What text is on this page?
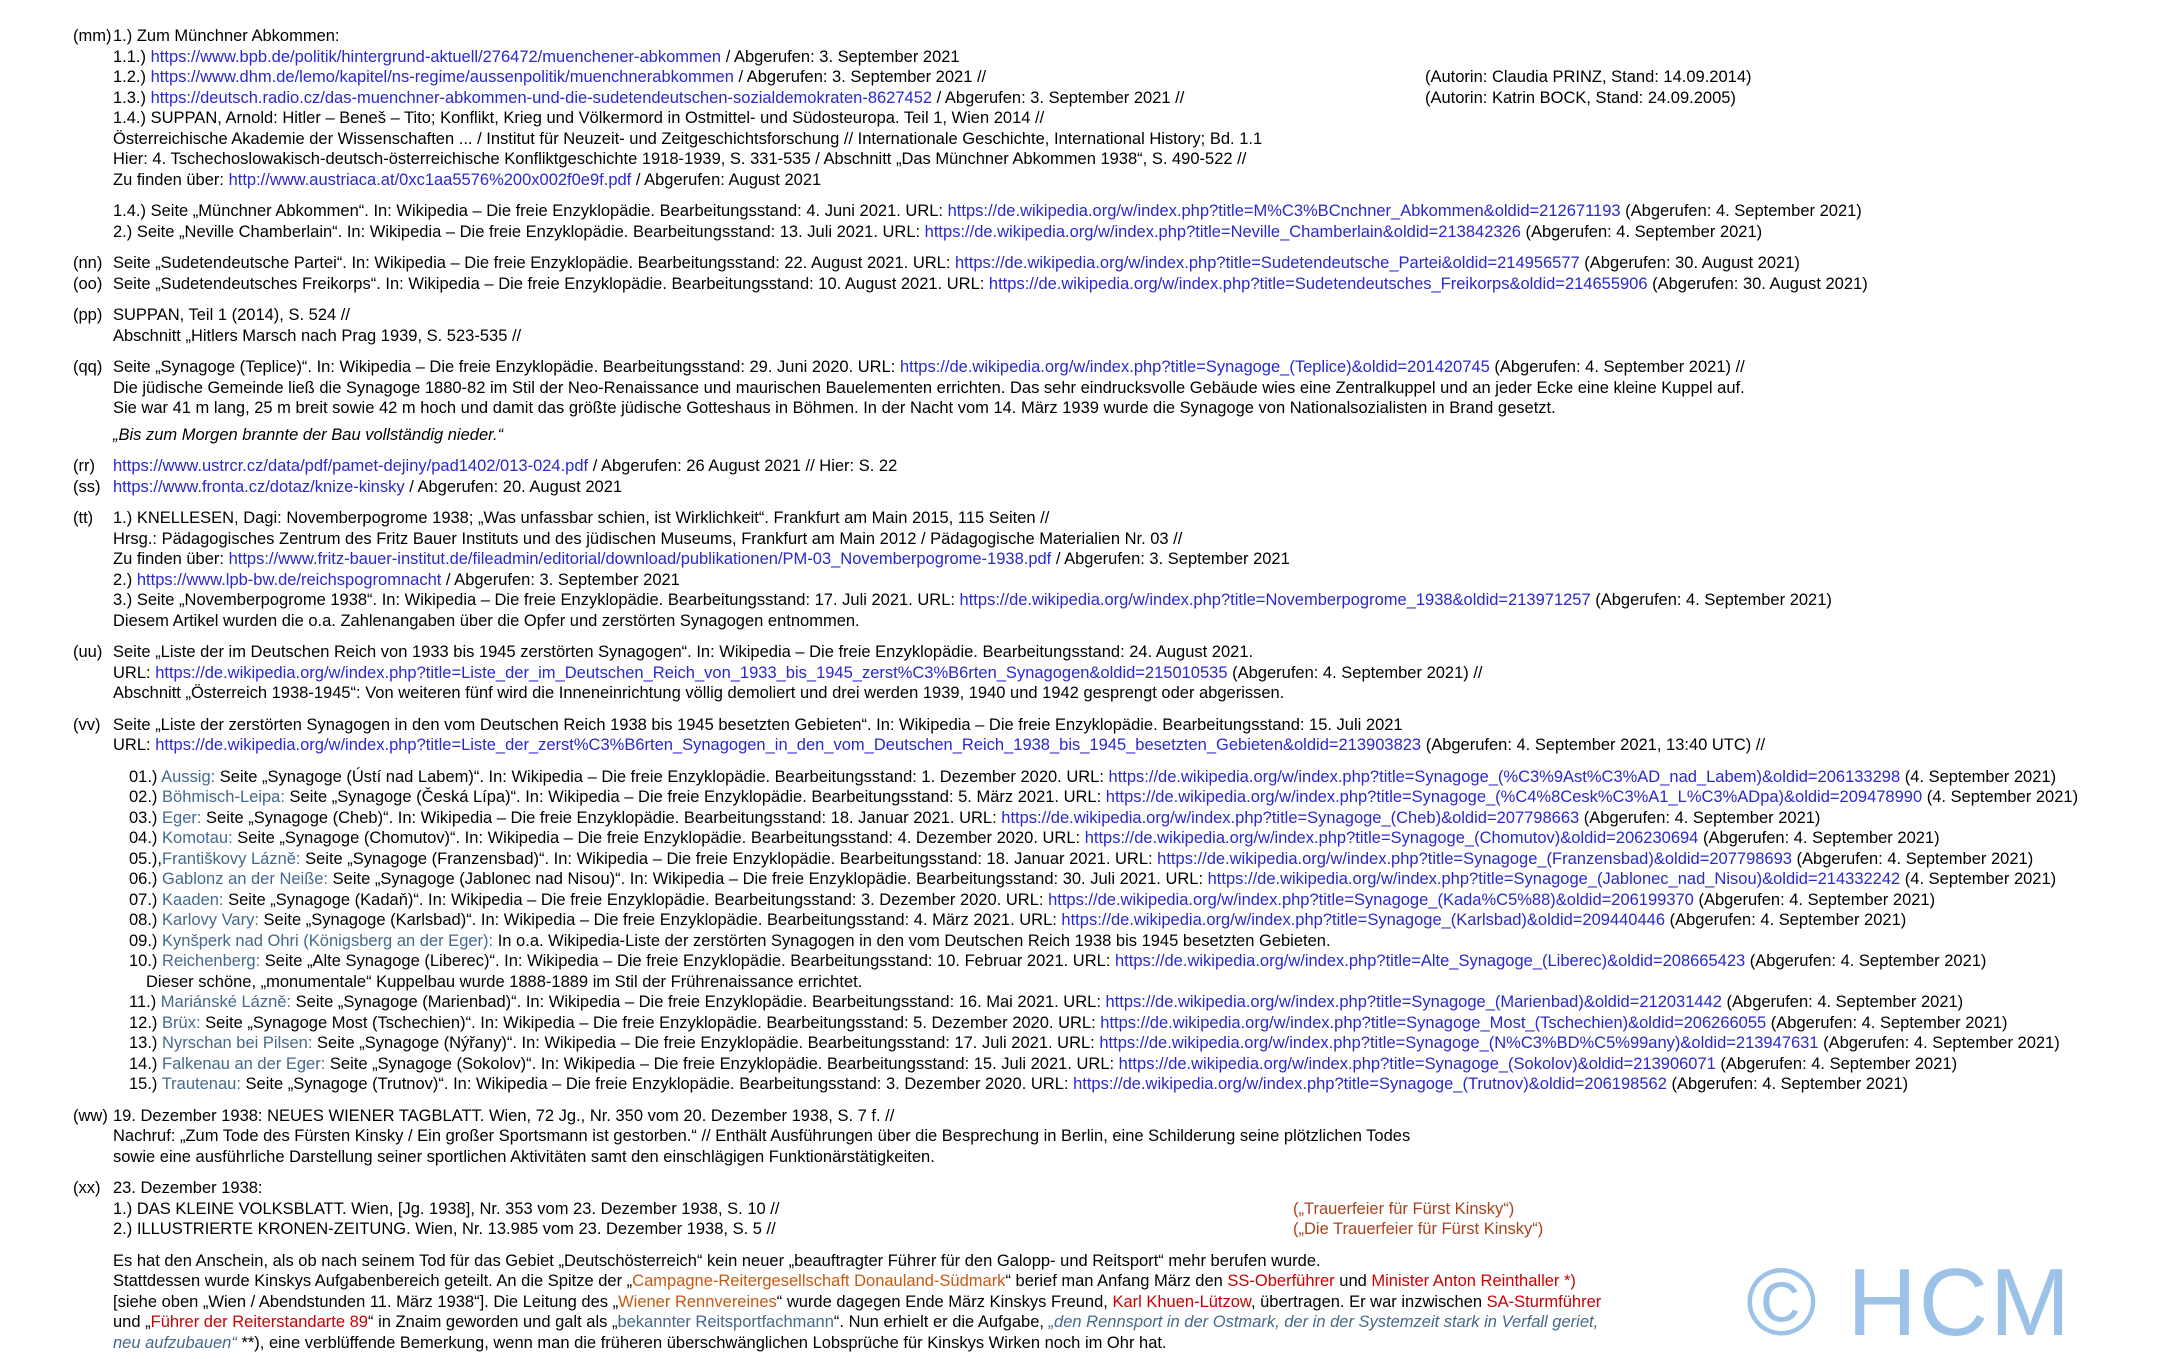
(mm) 1.) Zum Münchner Abkommen:
1.1.) https://www.bpb.de/politik/hintergrund-aktuell/276472/muenchener-abkommen / Abgerufen: 3. September 2021
1.2.) https://www.dhm.de/lemo/kapitel/ns-regime/aussenpolitik/muenchnerabkommen / Abgerufen: 3. September 2021 //	(Autorin: Claudia PRINZ, Stand: 14.09.2014)
1.3.) https://deutsch.radio.cz/das-muenchner-abkommen-und-die-sudetendeutschen-sozialdemokraten-8627452 / Abgerufen: 3. September 2021 //	(Autorin: Katrin BOCK, Stand: 24.09.2005)
1.4.) SUPPAN, Arnold: Hitler – Beneš – Tito; Konflikt, Krieg und Völkermord in Ostmittel- und Südosteuropa. Teil 1, Wien 2014 //
Österreichische Akademie der Wissenschaften ... / Institut für Neuzeit- und Zeitgeschichtsforschung // Internationale Geschichte, International History; Bd. 1.1
Hier: 4. Tschechoslowakisch-deutsch-österreichische Konfliktgeschichte 1918-1939, S. 331-535 / Abschnitt „Das Münchner Abkommen 1938“, S. 490-522 //
Zu finden über: http://www.austriaca.at/0xc1aa5576%200x002f0e9f.pdf / Abgerufen: August 2021
1.4.) Seite „Münchner Abkommen“. In: Wikipedia – Die freie Enzyklopädie. Bearbeitungsstand: 4. Juni 2021. URL: https://de.wikipedia.org/w/index.php?title=M%C3%BCnchner_Abkommen&oldid=212671193 (Abgerufen: 4. September 2021)
2.) Seite „Neville Chamberlain“. In: Wikipedia – Die freie Enzyklopädie. Bearbeitungsstand: 13. Juli 2021. URL: https://de.wikipedia.org/w/index.php?title=Neville_Chamberlain&oldid=213842326 (Abgerufen: 4. September 2021)
(nn) Seite „Sudetendeutsche Partei“. In: Wikipedia – Die freie Enzyklopädie. Bearbeitungsstand: 22. August 2021. URL: https://de.wikipedia.org/w/index.php?title=Sudetendeutsche_Partei&oldid=214956577 (Abgerufen: 30. August 2021)
(oo) Seite „Sudetendeutsches Freikorps“. In: Wikipedia – Die freie Enzyklopädie. Bearbeitungsstand: 10. August 2021. URL: https://de.wikipedia.org/w/index.php?title=Sudetendeutsches_Freikorps&oldid=214655906 (Abgerufen: 30. August 2021)
(pp) SUPPAN, Teil 1 (2014), S. 524 //
Abschnitt „Hitlers Marsch nach Prag 1939, S. 523-535 //
(qq) Seite „Synagoge (Teplice)“. In: Wikipedia – Die freie Enzyklopädie. Bearbeitungsstand: 29. Juni 2020. URL: https://de.wikipedia.org/w/index.php?title=Synagoge_(Teplice)&oldid=201420745 (Abgerufen: 4. September 2021) //
Die jüdische Gemeinde ließ die Synagoge 1880-82 im Stil der Neo-Renaissance und maurischen Bauelementen errichten. Das sehr eindrucksvolle Gebäude wies eine Zentralkuppel und an jeder Ecke eine kleine Kuppel auf.
Sie war 41 m lang, 25 m breit sowie 42 m hoch und damit das größte jüdische Gotteshaus in Böhmen. In der Nacht vom 14. März 1939 wurde die Synagoge von Nationalsozialisten in Brand gesetzt.
„Bis zum Morgen brannte der Bau vollständig nieder.“
(rr)	https://www.ustrcr.cz/data/pdf/pamet-dejiny/pad1402/013-024.pdf / Abgerufen: 26 August 2021 // Hier: S. 22
(ss) https://www.fronta.cz/dotaz/knize-kinsky / Abgerufen: 20. August 2021
(tt)	1.) KNELLESEN, Dagi: Novemberpogrome 1938; „Was unfassbar schien, ist Wirklichkeit“. Frankfurt am Main 2015, 115 Seiten //
Hrsg.: Pädagogisches Zentrum des Fritz Bauer Instituts und des jüdischen Museums, Frankfurt am Main 2012 / Pädagogische Materialien Nr. 03 //
Zu finden über: https://www.fritz-bauer-institut.de/fileadmin/editorial/download/publikationen/PM-03_Novemberpogrome-1938.pdf / Abgerufen: 3. September 2021
2.) https://www.lpb-bw.de/reichspogromnacht / Abgerufen: 3. September 2021
3.) Seite „Novemberpogrome 1938“. In: Wikipedia – Die freie Enzyklopädie. Bearbeitungsstand: 17. Juli 2021. URL: https://de.wikipedia.org/w/index.php?title=Novemberpogrome_1938&oldid=213971257 (Abgerufen: 4. September 2021)
Diesem Artikel wurden die o.a. Zahlenangaben über die Opfer und zerstörten Synagogen entnommen.
(uu) Seite „Liste der im Deutschen Reich von 1933 bis 1945 zerstörten Synagogen“. In: Wikipedia – Die freie Enzyklopädie. Bearbeitungsstand: 24. August 2021.
URL: https://de.wikipedia.org/w/index.php?title=Liste_der_im_Deutschen_Reich_von_1933_bis_1945_zerst%C3%B6rten_Synagogen&oldid=215010535 (Abgerufen: 4. September 2021) //
Abschnitt „Österreich 1938-1945“: Von weiteren fünf wird die Inneneinrichtung völlig demoliert und drei werden 1939, 1940 und 1942 gesprengt oder abgerissen.
(vv) Seite „Liste der zerstörten Synagogen in den vom Deutschen Reich 1938 bis 1945 besetzten Gebieten“. In: Wikipedia – Die freie Enzyklopädie. Bearbeitungsstand: 15. Juli 2021
URL: https://de.wikipedia.org/w/index.php?title=Liste_der_zerst%C3%B6rten_Synagogen_in_den_vom_Deutschen_Reich_1938_bis_1945_besetzten_Gebieten&oldid=213903823 (Abgerufen: 4. September 2021, 13:40 UTC) //
01.) Aussig: Seite „Synagoge (Ústí nad Labem)“. In: Wikipedia – Die freie Enzyklopädie. Bearbeitungsstand: 1. Dezember 2020. URL: https://de.wikipedia.org/w/index.php?title=Synagoge_(%C3%9Ast%C3%AD_nad_Labem)&oldid=206133298 (4. September 2021)
02.) Böhmisch-Leipa: Seite „Synagoge (Česká Lípa)“. In: Wikipedia – Die freie Enzyklopädie. Bearbeitungsstand: 5. März 2021. URL: https://de.wikipedia.org/w/index.php?title=Synagoge_(%C4%8Cesk%C3%A1_L%C3%ADpa)&oldid=209478990 (4. September 2021)
03.) Eger: Seite „Synagoge (Cheb)“. In: Wikipedia – Die freie Enzyklopädie. Bearbeitungsstand: 18. Januar 2021. URL: https://de.wikipedia.org/w/index.php?title=Synagoge_(Cheb)&oldid=207798663 (Abgerufen: 4. September 2021)
04.) Komotau: Seite „Synagoge (Chomutov)“. In: Wikipedia – Die freie Enzyklopädie. Bearbeitungsstand: 4. Dezember 2020. URL: https://de.wikipedia.org/w/index.php?title=Synagoge_(Chomutov)&oldid=206230694 (Abgerufen: 4. September 2021)
05.),Františkovy Lázně: Seite „Synagoge (Franzensbad)“. In: Wikipedia – Die freie Enzyklopädie. Bearbeitungsstand: 18. Januar 2021. URL: https://de.wikipedia.org/w/index.php?title=Synagoge_(Franzensbad)&oldid=207798693 (Abgerufen: 4. September 2021)
06.) Gablonz an der Neiße: Seite „Synagoge (Jablonec nad Nisou)“. In: Wikipedia – Die freie Enzyklopädie. Bearbeitungsstand: 30. Juli 2021. URL: https://de.wikipedia.org/w/index.php?title=Synagoge_(Jablonec_nad_Nisou)&oldid=214332242 (4. September 2021)
07.) Kaaden: Seite „Synagoge (Kadaň)“. In: Wikipedia – Die freie Enzyklopädie. Bearbeitungsstand: 3. Dezember 2020. URL: https://de.wikipedia.org/w/index.php?title=Synagoge_(Kada%C5%88)&oldid=206199370 (Abgerufen: 4. September 2021)
08.) Karlovy Vary: Seite „Synagoge (Karlsbad)“. In: Wikipedia – Die freie Enzyklopädie. Bearbeitungsstand: 4. März 2021. URL: https://de.wikipedia.org/w/index.php?title=Synagoge_(Karlsbad)&oldid=209440446 (Abgerufen: 4. September 2021)
09.) Kynšperk nad Ohri (Königsberg an der Eger): In o.a. Wikipedia-Liste der zerstörten Synagogen in den vom Deutschen Reich 1938 bis 1945 besetzten Gebieten.
10.) Reichenberg: Seite „Alte Synagoge (Liberec)“. In: Wikipedia – Die freie Enzyklopädie. Bearbeitungsstand: 10. Februar 2021. URL: https://de.wikipedia.org/w/index.php?title=Alte_Synagoge_(Liberec)&oldid=208665423 (Abgerufen: 4. September 2021)
Dieser schöne, „monumentale“ Kuppelbau wurde 1888-1889 im Stil der Frührenaissance errichtet.
11.) Mariánské Lázně: Seite „Synagoge (Marienbad)“. In: Wikipedia – Die freie Enzyklopädie. Bearbeitungsstand: 16. Mai 2021. URL: https://de.wikipedia.org/w/index.php?title=Synagoge_(Marienbad)&oldid=212031442 (Abgerufen: 4. September 2021)
12.) Brüx: Seite „Synagoge Most (Tschechien)“. In: Wikipedia – Die freie Enzyklopädie. Bearbeitungsstand: 5. Dezember 2020. URL: https://de.wikipedia.org/w/index.php?title=Synagoge_Most_(Tschechien)&oldid=206266055 (Abgerufen: 4. September 2021)
13.) Nyrschan bei Pilsen: Seite „Synagoge (Nýřany)“. In: Wikipedia – Die freie Enzyklopädie. Bearbeitungsstand: 17. Juli 2021. URL: https://de.wikipedia.org/w/index.php?title=Synagoge_(N%C3%BD%C5%99any)&oldid=213947631 (Abgerufen: 4. September 2021)
14.) Falkenau an der Eger: Seite „Synagoge (Sokolov)“. In: Wikipedia – Die freie Enzyklopädie. Bearbeitungsstand: 15. Juli 2021. URL: https://de.wikipedia.org/w/index.php?title=Synagoge_(Sokolov)&oldid=213906071 (Abgerufen: 4. September 2021)
15.) Trautenau: Seite „Synagoge (Trutnov)“. In: Wikipedia – Die freie Enzyklopädie. Bearbeitungsstand: 3. Dezember 2020. URL: https://de.wikipedia.org/w/index.php?title=Synagoge_(Trutnov)&oldid=206198562 (Abgerufen: 4. September 2021)
(ww) 19. Dezember 1938: NEUES WIENER TAGBLATT. Wien, 72 Jg., Nr. 350 vom 20. Dezember 1938, S. 7 f. //
Nachruf: „Zum Tode des Fürsten Kinsky / Ein großer Sportsmann ist gestorben.“ // Enthält Ausführungen über die Besprechung in Berlin, eine Schilderung seine plötzlichen Todes
sowie eine ausführliche Darstellung seiner sportlichen Aktivitäten samt den einschlägigen Funktionärstätigkeiten.
(xx) 23. Dezember 1938:
1.) DAS KLEINE VOLKSBLATT. Wien, [Jg. 1938], Nr. 353 vom 23. Dezember 1938, S. 10 //	(„Trauerfeier für Fürst Kinsky“)
2.) ILLUSTRIERTE KRONEN-ZEITUNG. Wien, Nr. 13.985 vom 23. Dezember 1938, S. 5 //	(„Die Trauerfeier für Fürst Kinsky“)
Es hat den Anschein, als ob nach seinem Tod für das Gebiet „Deutschösterreich“ kein neuer „beauftragter Führer für den Galopp- und Reitsport“ mehr berufen wurde.
Stattdessen wurde Kinskys Aufgabenbereich geteilt. An die Spitze der „Campagne-Reitergesellschaft Donauland-Südmark“ berief man Anfang März den SS-Oberführer und Minister Anton Reinthaller *)
[siehe oben „Wien / Abendstunden 11. März 1938“]. Die Leitung des „Wiener Rennvereines“ wurde dagegen Ende März Kinskys Freund, Karl Khuen-Lützow, übertragen. Er war inzwischen SA-Sturmführer
und „Führer der Reiterstandarte 89“ in Znaim geworden und galt als „bekannter Reitsportfachmann“. Nun erhielt er die Aufgabe, „den Rennsport in der Ostmark, der in der Systemzeit stark in Verfall geriet,
neu aufzubauen“ **), eine verblüffende Bemerkung, wenn man die früheren überschwänglichen Lobsprüche für Kinskys Wirken noch im Ohr hat.	© HCM
